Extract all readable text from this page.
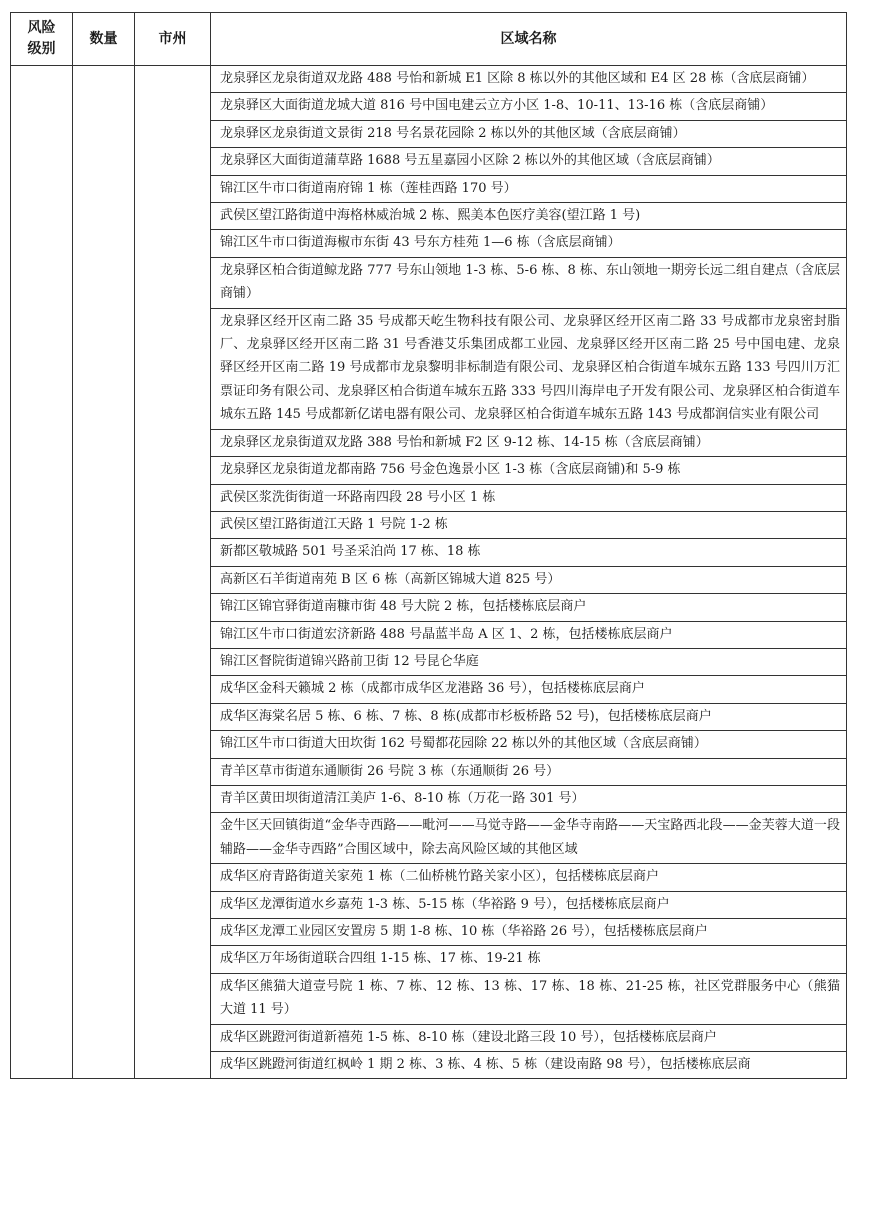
风险级别	数量	市州	区域名称
			龙泉驿区龙泉街道双龙路 488 号怡和新城 E1 区除 8 栋以外的其他区域和 E4 区 28 栋（含底层商铺）
			龙泉驿区大面街道龙城大道 816 号中国电建云立方小区 1-8、10-11、13-16 栋（含底层商铺）
			龙泉驿区龙泉街道文景街 218 号名景花园除 2 栋以外的其他区域（含底层商铺）
			龙泉驿区大面街道蒲草路 1688 号五星嘉园小区除 2 栋以外的其他区域（含底层商铺）
			锦江区牛市口街道南府锦 1 栋（莲桂西路 170 号）
			武侯区望江路街道中海格林威治城 2 栋、熙美本色医疗美容(望江路 1 号)
			锦江区牛市口街道海椒市东街 43 号东方桂苑 1—6 栋（含底层商铺）
			龙泉驿区柏合街道鲸龙路 777 号东山领地 1-3 栋、5-6 栋、8 栋、东山领地一期旁长远二组自建点（含底层商铺）
			龙泉驿区经开区南二路 35 号成都天屹生物科技有限公司、龙泉驿区经开区南二路 33 号成都市龙泉密封脂厂、龙泉驿区经开区南二路 31 号香港艾乐集团成都工业园、龙泉驿区经开区南二路 25 号中国电建、龙泉驿区经开区南二路 19 号成都市龙泉黎明非标制造有限公司、龙泉驿区柏合街道车城东五路 133 号四川万汇票证印务有限公司、龙泉驿区柏合街道车城东五路 333 号四川海岸电子开发有限公司、龙泉驿区柏合街道车城东五路 145 号成都新亿诺电器有限公司、龙泉驿区柏合街道车城东五路 143 号成都润信实业有限公司
			龙泉驿区龙泉街道双龙路 388 号怡和新城 F2 区 9-12 栋、14-15 栋（含底层商铺）
			龙泉驿区龙泉街道龙都南路 756 号金色逸景小区 1-3 栋（含底层商铺)和 5-9 栋
			武侯区浆洗街街道一环路南四段 28 号小区 1 栋
			武侯区望江路街道江天路 1 号院 1-2 栋
			新都区敬城路 501 号圣采泊尚 17 栋、18 栋
			高新区石羊街道南苑 B 区 6 栋（高新区锦城大道 825 号）
			锦江区锦官驿街道南糠市街 48 号大院 2 栋，包括楼栋底层商户
			锦江区牛市口街道宏济新路 488 号晶蓝半岛 A 区 1、2 栋，包括楼栋底层商户
			锦江区督院街道锦兴路前卫街 12 号昆仑华庭
			成华区金科天籁城 2 栋（成都市成华区龙港路 36 号），包括楼栋底层商户
			成华区海棠名居 5 栋、6 栋、7 栋、8 栋(成都市杉板桥路 52 号)，包括楼栋底层商户
			锦江区牛市口街道大田坎街 162 号蜀都花园除 22 栋以外的其他区域（含底层商铺）
			青羊区草市街道东通顺街 26 号院 3 栋（东通顺街 26 号）
			青羊区黄田坝街道清江美庐 1-6、8-10 栋（万花一路 301 号）
			金牛区天回镇街道“金华寺西路——毗河——马觉寺路——金华寺南路——天宝路西北段——金芙蓉大道一段辅路——金华寺西路”合围区域中，除去高风险区域的其他区域
			成华区府青路街道关家苑 1 栋（二仙桥桃竹路关家小区），包括楼栋底层商户
			成华区龙潭街道水乡嘉苑 1-3 栋、5-15 栋（华裕路 9 号），包括楼栋底层商户
			成华区龙潭工业园区安置房 5 期 1-8 栋、10 栋（华裕路 26 号），包括楼栋底层商户
			成华区万年场街道联合四组 1-15 栋、17 栋、19-21 栋
			成华区熊猫大道壹号院 1 栋、7 栋、12 栋、13 栋、17 栋、18 栋、21-25 栋，社区党群服务中心（熊猫大道 11 号）
			成华区跳蹬河街道新禧苑 1-5 栋、8-10 栋（建设北路三段 10 号），包括楼栋底层商户
			成华区跳蹬河街道红枫岭 1 期 2 栋、3 栋、4 栋、5 栋（建设南路 98 号），包括楼栋底层商
